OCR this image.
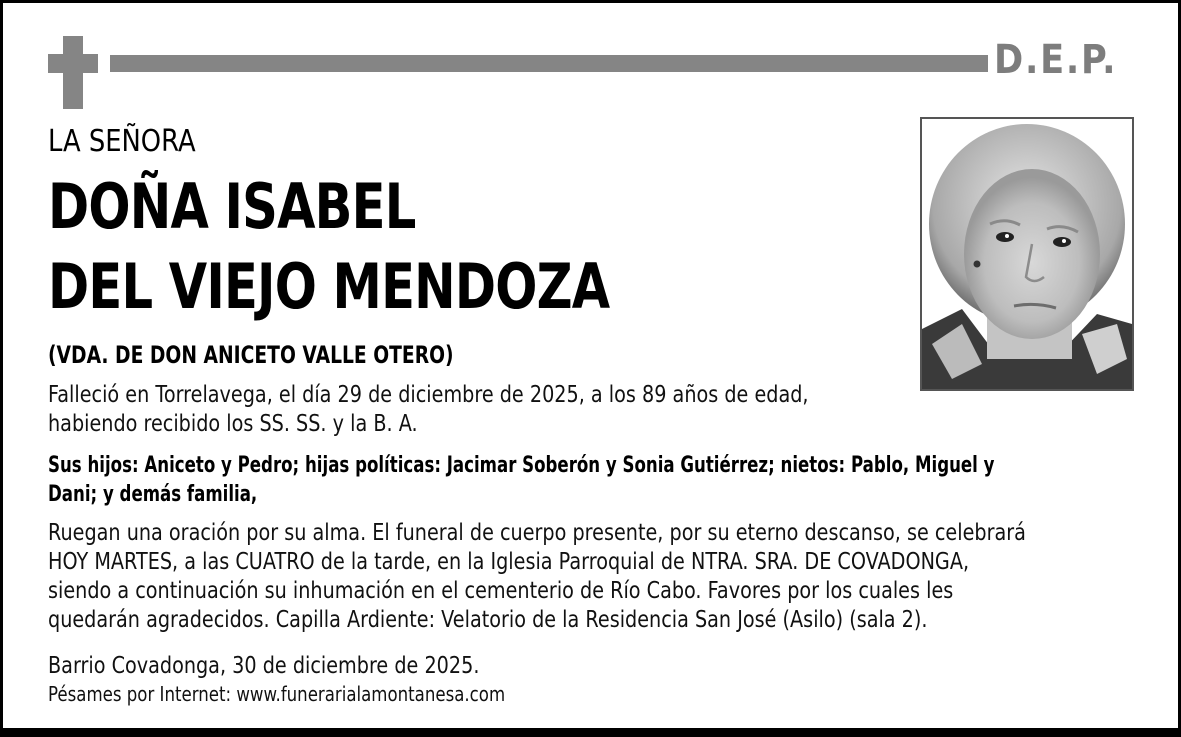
D.E.P.
LA SEÑORA
DOÑA ISABEL
DEL VIEJO MENDOZA
(VDA. DE DON ANICETO VALLE OTERO)
Falleció en Torrelavega, el día 29 de diciembre de 2025, a los 89 años de edad,
habiendo recibido los SS. SS. y la B. A.
Sus hijos: Aniceto y Pedro; hijas políticas: Jacimar Soberón y Sonia Gutiérrez; nietos: Pablo, Miguel y
Dani; y demás familia,
Ruegan una oración por su alma. El funeral de cuerpo presente, por su eterno descanso, se celebrará
HOY MARTES, a las CUATRO de la tarde, en la Iglesia Parroquial de NTRA. SRA. DE COVADONGA,
siendo a continuación su inhumación en el cementerio de Río Cabo. Favores por los cuales les
quedarán agradecidos. Capilla Ardiente: Velatorio de la Residencia San José (Asilo) (sala 2).
Barrio Covadonga, 30 de diciembre de 2025.
Pésames por Internet: www.funerarialamontanesa.com
